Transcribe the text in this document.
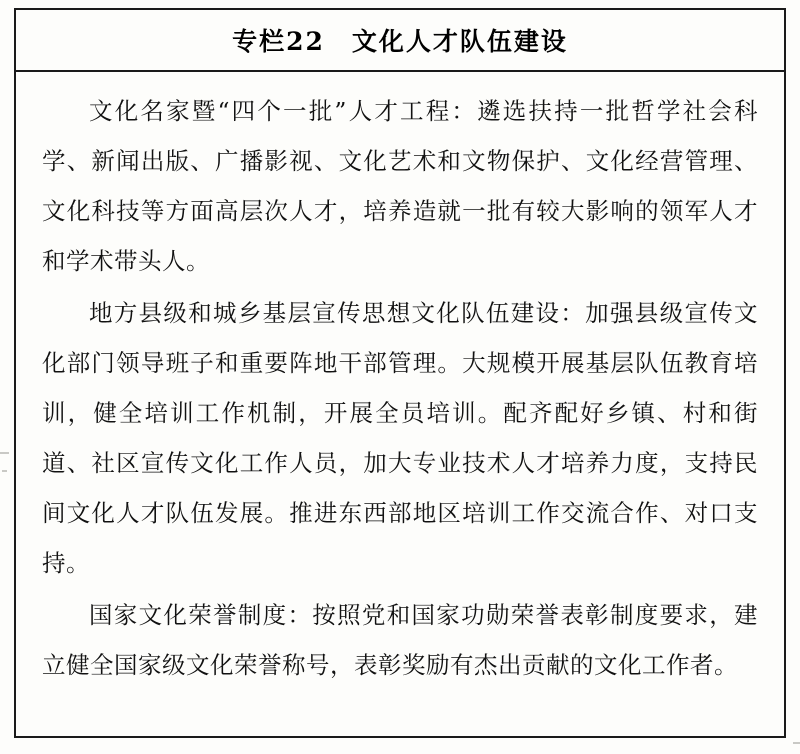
专栏22　文化人才队伍建设

文化名家暨“四个一批”人才工程：遴选扶持一批哲学社会科学、新闻出版、广播影视、文化艺术和文物保护、文化经营管理、文化科技等方面高层次人才，培养造就一批有较大影响的领军人才和学术带头人。

地方县级和城乡基层宣传思想文化队伍建设：加强县级宣传文化部门领导班子和重要阵地干部管理。大规模开展基层队伍教育培训，健全培训工作机制，开展全员培训。配齐配好乡镇、村和街道、社区宣传文化工作人员，加大专业技术人才培养力度，支持民间文化人才队伍发展。推进东西部地区培训工作交流合作、对口支持。

国家文化荣誉制度：按照党和国家功勋荣誉表彰制度要求，建立健全国家级文化荣誉称号，表彰奖励有杰出贡献的文化工作者。
